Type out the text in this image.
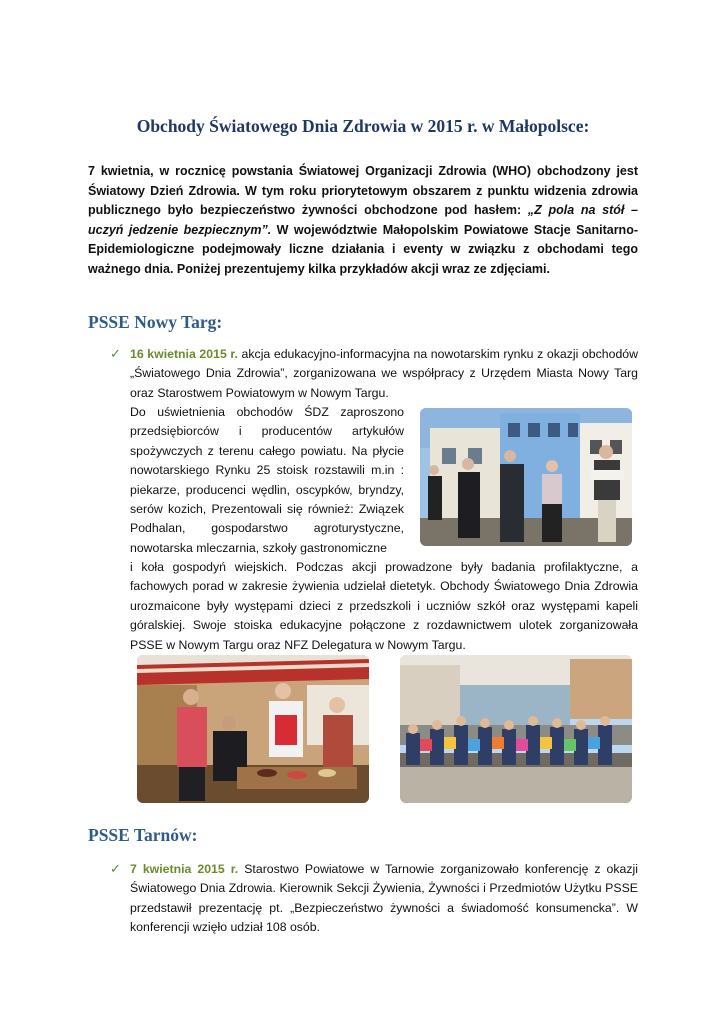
Obchody Światowego Dnia Zdrowia w 2015 r. w Małopolsce:
7 kwietnia, w rocznicę powstania Światowej Organizacji Zdrowia (WHO) obchodzony jest Światowy Dzień Zdrowia. W tym roku priorytetowym obszarem z punktu widzenia zdrowia publicznego było bezpieczeństwo żywności obchodzone pod hasłem: „Z pola na stół – uczyń jedzenie bezpiecznym”. W województwie Małopolskim Powiatowe Stacje Sanitarno-Epidemiologiczne podejmowały liczne działania i eventy w związku z obchodami tego ważnego dnia. Poniżej prezentujemy kilka przykładów akcji wraz ze zdjęciami.
PSSE Nowy Targ:
✓ 16 kwietnia 2015 r. akcja edukacyjno-informacyjna na nowotarskim rynku z okazji obchodów „Światowego Dnia Zdrowia”, zorganizowana we współpracy z Urzędem Miasta Nowy Targ oraz Starostwem Powiatowym w Nowym Targu.
Do uświetnienia obchodów ŚDZ zaproszono przedsiębiorców i producentów artykułów spożywczych z terenu całego powiatu. Na płycie nowotarskiego Rynku 25 stoisk rozstawili m.in : piekarze, producenci wędlin, oscypków, bryndzy, serów kozich, Prezentowali się również: Związek Podhalan, gospodarstwo agroturystyczne, nowotarska mleczarnia, szkoły gastronomiczne
i koła gospodyń wiejskich. Podczas akcji prowadzone były badania profilaktyczne, a fachowych porad w zakresie żywienia udzielał dietetyk. Obchody Światowego Dnia Zdrowia urozmaicone były występami dzieci z przedszkoli i uczniów szkół oraz występami kapeli góralskiej. Swoje stoiska edukacyjne połączone z rozdawnictwem ulotek zorganizowała PSSE w Nowym Targu oraz NFZ Delegatura w Nowym Targu.
PSSE Tarnów:
✓ 7 kwietnia 2015 r. Starostwo Powiatowe w Tarnowie zorganizowało konferencję z okazji Światowego Dnia Zdrowia. Kierownik Sekcji Żywienia, Żywności i Przedmiotów Użytku PSSE przedstawił prezentację pt. „Bezpieczeństwo żywności a świadomość konsumencka”. W konferencji wzięło udział 108 osób.
